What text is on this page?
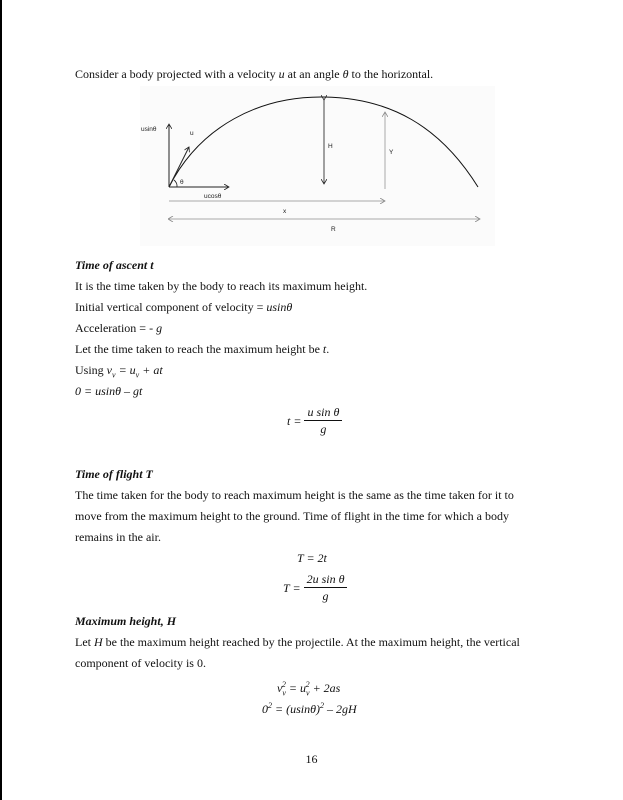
Consider a body projected with a velocity u at an angle θ to the horizontal.
usinθ
u
θ
ucosθ
H
Y
x
R
Time of ascent t
It is the time taken by the body to reach its maximum height.
Initial vertical component of velocity = usinθ
Acceleration = - g
Let the time taken to reach the maximum height be t.
Using $v_v = u_v$ + at
0 = usinθ – gt
$t = \frac{\text{u sin θ}}{g}$
Time of flight T
The time taken for the body to reach maximum height is the same as the time taken for it to
move from the maximum height to the ground. Time of flight in the time for which a body
remains in the air.
T = 2t
$T = \frac{\text{2u sin θ}}{g}$
Maximum height, H
Let H be the maximum height reached by the projectile. At the maximum height, the vertical
component of velocity is 0.
$v_v^2 = u_v^2 + 2as$
$0^2 = (usin\theta)^2 - 2gH$
16
